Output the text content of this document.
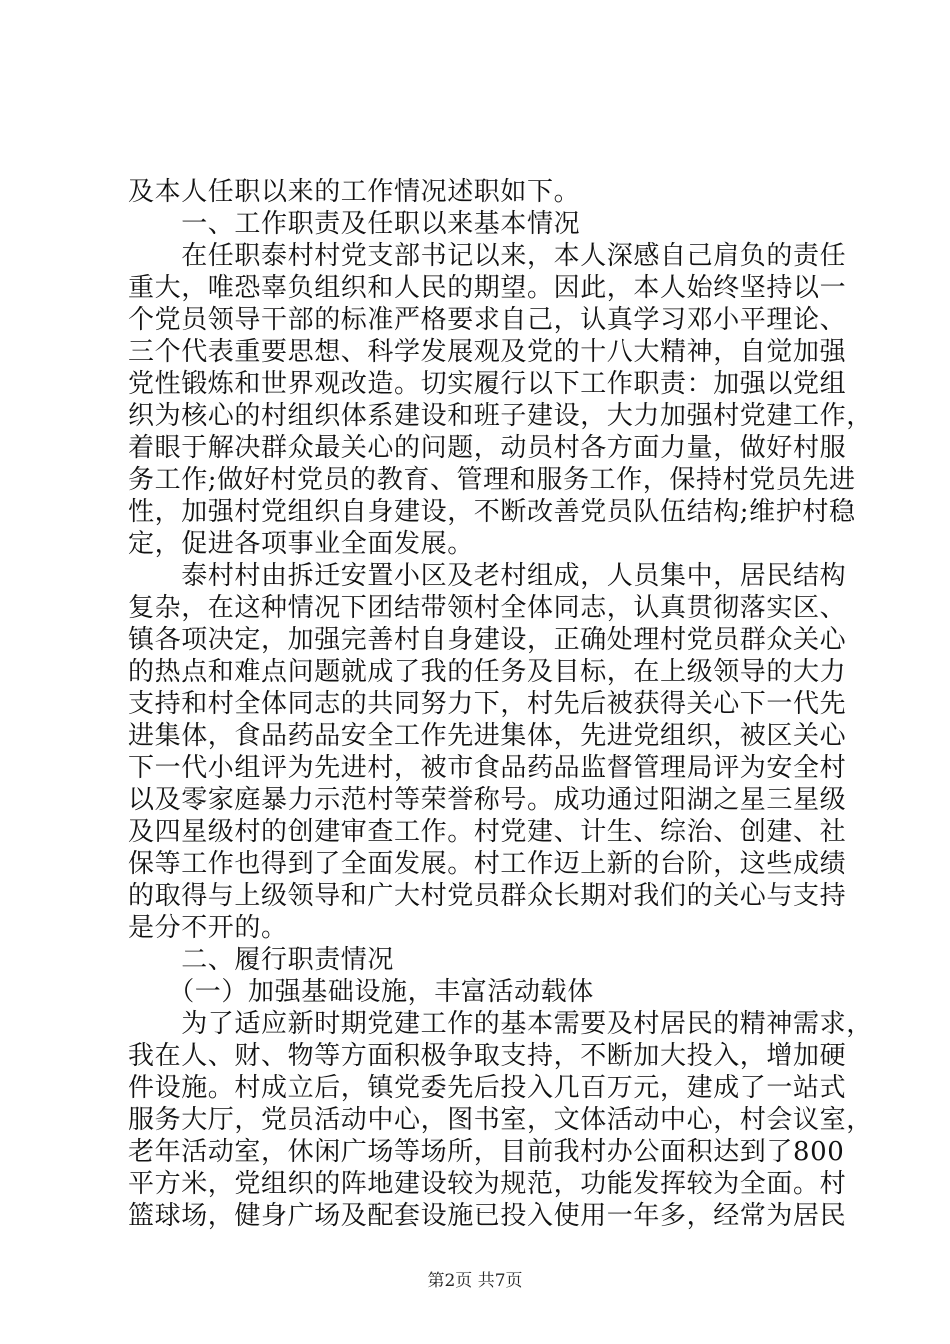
及本人任职以来的工作情况述职如下。
　　一、工作职责及任职以来基本情况
　　在任职泰村村党支部书记以来，本人深感自己肩负的责任
重大，唯恐辜负组织和人民的期望。因此，本人始终坚持以一
个党员领导干部的标准严格要求自己，认真学习邓小平理论、
三个代表重要思想、科学发展观及党的十八大精神，自觉加强
党性锻炼和世界观改造。切实履行以下工作职责：加强以党组
织为核心的村组织体系建设和班子建设，大力加强村党建工作，
着眼于解决群众最关心的问题，动员村各方面力量，做好村服
务工作;做好村党员的教育、管理和服务工作，保持村党员先进
性，加强村党组织自身建设，不断改善党员队伍结构;维护村稳
定，促进各项事业全面发展。
　　泰村村由拆迁安置小区及老村组成，人员集中，居民结构
复杂，在这种情况下团结带领村全体同志，认真贯彻落实区、
镇各项决定，加强完善村自身建设，正确处理村党员群众关心
的热点和难点问题就成了我的任务及目标，在上级领导的大力
支持和村全体同志的共同努力下，村先后被获得关心下一代先
进集体，食品药品安全工作先进集体，先进党组织，被区关心
下一代小组评为先进村，被市食品药品监督管理局评为安全村
以及零家庭暴力示范村等荣誉称号。成功通过阳湖之星三星级
及四星级村的创建审查工作。村党建、计生、综治、创建、社
保等工作也得到了全面发展。村工作迈上新的台阶，这些成绩
的取得与上级领导和广大村党员群众长期对我们的关心与支持
是分不开的。
　　二、履行职责情况
　　（一）加强基础设施，丰富活动载体
　　为了适应新时期党建工作的基本需要及村居民的精神需求，
我在人、财、物等方面积极争取支持，不断加大投入，增加硬
件设施。村成立后，镇党委先后投入几百万元，建成了一站式
服务大厅，党员活动中心，图书室，文体活动中心，村会议室，
老年活动室，休闲广场等场所，目前我村办公面积达到了800
平方米，党组织的阵地建设较为规范，功能发挥较为全面。村
篮球场，健身广场及配套设施已投入使用一年多，经常为居民
第2页 共7页
